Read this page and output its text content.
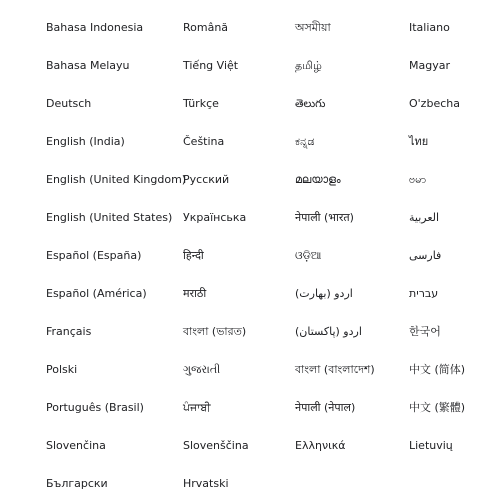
Bahasa Indonesia
Bahasa Melayu
Deutsch
English (India)
English (United Kingdom)
English (United States)
Español (España)
Español (América)
Français
Polski
Português (Brasil)
Slovenčina
Български
Română
Tiếng Việt
Türkçe
Čeština
Русский
Українська
हिन्दी
मराठी
বাংলা (ভারত)
ગુજરાતી
ਪੰਜਾਬੀ
Slovenščina
Hrvatski
অসমীয়া
தமிழ்
తెలుగు
ಕನ್ನಡ
മലയാളം
नेपाली (भारत)
ଓଡ଼ିଆ
اردو (بھارت)
اردو (پاکستان)
বাংলা (বাংলাদেশ)
नेपाली (नेपाल)
Ελληνικά
Italiano
Magyar
O'zbecha
ไทย
ဗမာ
العربية
فارسی
עברית
한국어
中文 (简体)
中文 (繁體)
Lietuvių
